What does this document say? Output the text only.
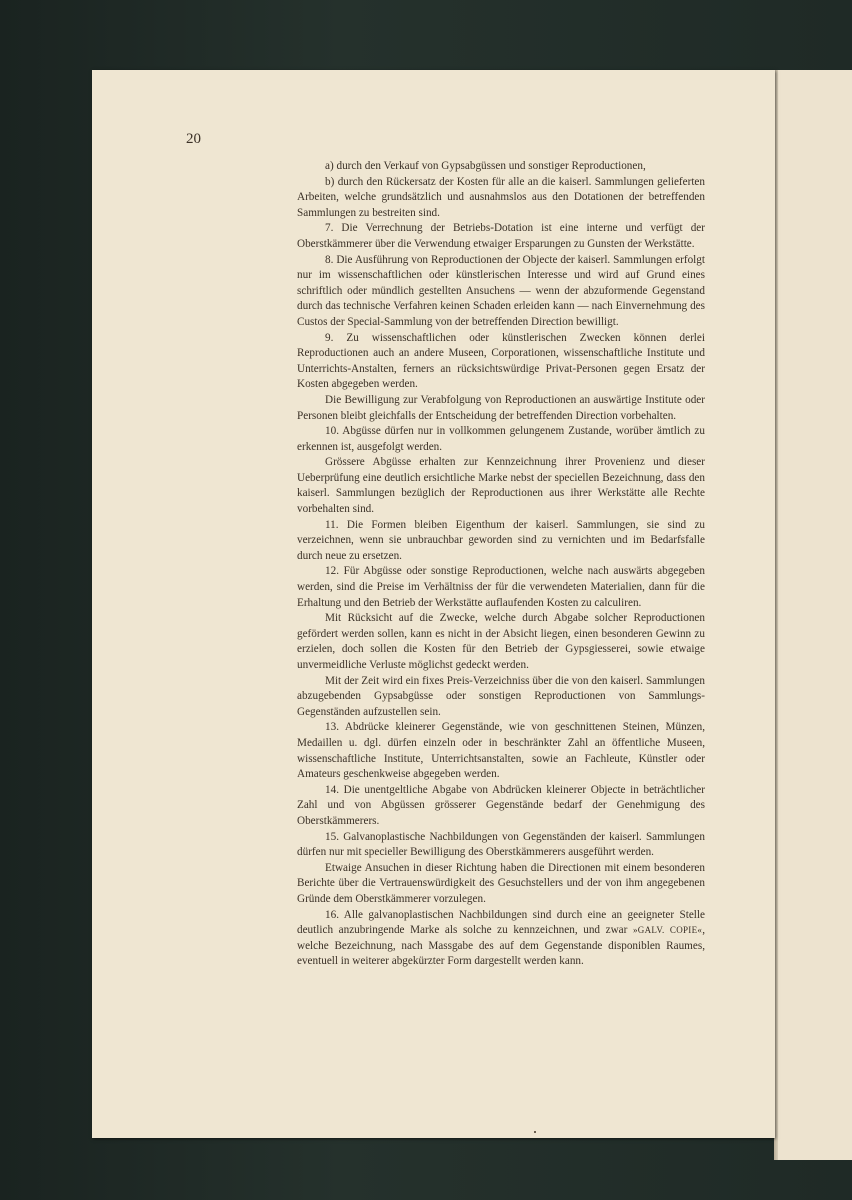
20

a) durch den Verkauf von Gypsabgüssen und sonstiger Reproductionen,

b) durch den Rückersatz der Kosten für alle an die kaiserl. Sammlungen gelieferten Arbeiten, welche grundsätzlich und ausnahmslos aus den Dotationen der betreffenden Sammlungen zu bestreiten sind.

7. Die Verrechnung der Betriebs-Dotation ist eine interne und verfügt der Oberstkämmerer über die Verwendung etwaiger Ersparungen zu Gunsten der Werkstätte.

8. Die Ausführung von Reproductionen der Objecte der kaiserl. Sammlungen erfolgt nur im wissenschaftlichen oder künstlerischen Interesse und wird auf Grund eines schriftlich oder mündlich gestellten Ansuchens — wenn der abzuformende Gegenstand durch das technische Verfahren keinen Schaden erleiden kann — nach Einvernehmung des Custos der Special-Sammlung von der betreffenden Direction bewilligt.

9. Zu wissenschaftlichen oder künstlerischen Zwecken können derlei Reproductionen auch an andere Museen, Corporationen, wissenschaftliche Institute und Unterrichts-Anstalten, ferners an rücksichtswürdige Privat-Personen gegen Ersatz der Kosten abgegeben werden.

Die Bewilligung zur Verabfolgung von Reproductionen an auswärtige Institute oder Personen bleibt gleichfalls der Entscheidung der betreffenden Direction vorbehalten.

10. Abgüsse dürfen nur in vollkommen gelungenem Zustande, worüber ämtlich zu erkennen ist, ausgefolgt werden.

Grössere Abgüsse erhalten zur Kennzeichnung ihrer Provenienz und dieser Ueberprüfung eine deutlich ersichtliche Marke nebst der speciellen Bezeichnung, dass den kaiserl. Sammlungen bezüglich der Reproductionen aus ihrer Werkstätte alle Rechte vorbehalten sind.

11. Die Formen bleiben Eigenthum der kaiserl. Sammlungen, sie sind zu verzeichnen, wenn sie unbrauchbar geworden sind zu vernichten und im Bedarfsfalle durch neue zu ersetzen.

12. Für Abgüsse oder sonstige Reproductionen, welche nach auswärts abgegeben werden, sind die Preise im Verhältniss der für die verwendeten Materialien, dann für die Erhaltung und den Betrieb der Werkstätte auflaufenden Kosten zu calculiren.

Mit Rücksicht auf die Zwecke, welche durch Abgabe solcher Reproductionen gefördert werden sollen, kann es nicht in der Absicht liegen, einen besonderen Gewinn zu erzielen, doch sollen die Kosten für den Betrieb der Gypsgiesserei, sowie etwaige unvermeidliche Verluste möglichst gedeckt werden.

Mit der Zeit wird ein fixes Preis-Verzeichniss über die von den kaiserl. Sammlungen abzugebenden Gypsabgüsse oder sonstigen Reproductionen von Sammlungs-Gegenständen aufzustellen sein.

13. Abdrücke kleinerer Gegenstände, wie von geschnittenen Steinen, Münzen, Medaillen u. dgl. dürfen einzeln oder in beschränkter Zahl an öffentliche Museen, wissenschaftliche Institute, Unterrichtsanstalten, sowie an Fachleute, Künstler oder Amateurs geschenkweise abgegeben werden.

14. Die unentgeltliche Abgabe von Abdrücken kleinerer Objecte in beträchtlicher Zahl und von Abgüssen grösserer Gegenstände bedarf der Genehmigung des Oberstkämmerers.

15. Galvanoplastische Nachbildungen von Gegenständen der kaiserl. Sammlungen dürfen nur mit specieller Bewilligung des Oberstkämmerers ausgeführt werden.

Etwaige Ansuchen in dieser Richtung haben die Directionen mit einem besonderen Berichte über die Vertrauenswürdigkeit des Gesuchstellers und der von ihm angegebenen Gründe dem Oberstkämmerer vorzulegen.

16. Alle galvanoplastischen Nachbildungen sind durch eine an geeigneter Stelle deutlich anzubringende Marke als solche zu kennzeichnen, und zwar »GALV. COPIE«, welche Bezeichnung, nach Massgabe des auf dem Gegenstande disponiblen Raumes, eventuell in weiterer abgekürzter Form dargestellt werden kann.
